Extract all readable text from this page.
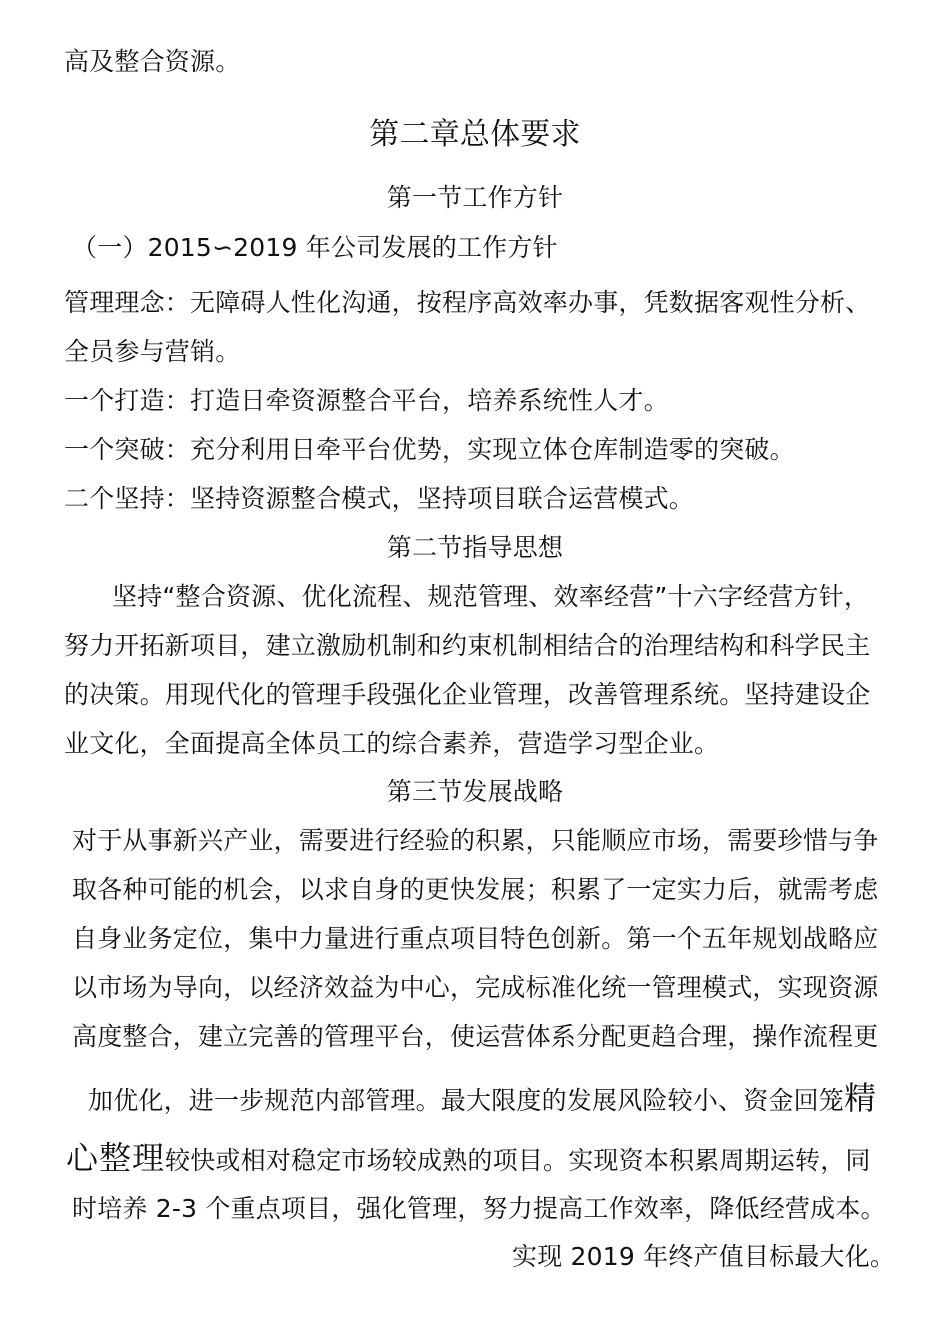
高及整合资源。
第二章总体要求
第一节工作方针
（一）2015∽2019 年公司发展的工作方针
管理理念：无障碍人性化沟通，按程序高效率办事，凭数据客观性分析、
全员参与营销。
一个打造：打造日牵资源整合平台，培养系统性人才。
一个突破：充分利用日牵平台优势，实现立体仓库制造零的突破。
二个坚持：坚持资源整合模式，坚持项目联合运营模式。
第二节指导思想
坚持“整合资源、优化流程、规范管理、效率经营”十六字经营方针，
努力开拓新项目，建立激励机制和约束机制相结合的治理结构和科学民主
的决策。用现代化的管理手段强化企业管理，改善管理系统。坚持建设企
业文化，全面提高全体员工的综合素养，营造学习型企业。
第三节发展战略
对于从事新兴产业，需要进行经验的积累，只能顺应市场，需要珍惜与争
取各种可能的机会，以求自身的更快发展；积累了一定实力后，就需考虑
自身业务定位，集中力量进行重点项目特色创新。第一个五年规划战略应
以市场为导向，以经济效益为中心，完成标准化统一管理模式，实现资源
高度整合，建立完善的管理平台，使运营体系分配更趋合理，操作流程更
加优化，进一步规范内部管理。最大限度的发展风险较小、资金回笼精
心整理较快或相对稳定市场较成熟的项目。实现资本积累周期运转，同
时培养 2-3 个重点项目，强化管理，努力提高工作效率，降低经营成本。
实现 2019 年终产值目标最大化。
